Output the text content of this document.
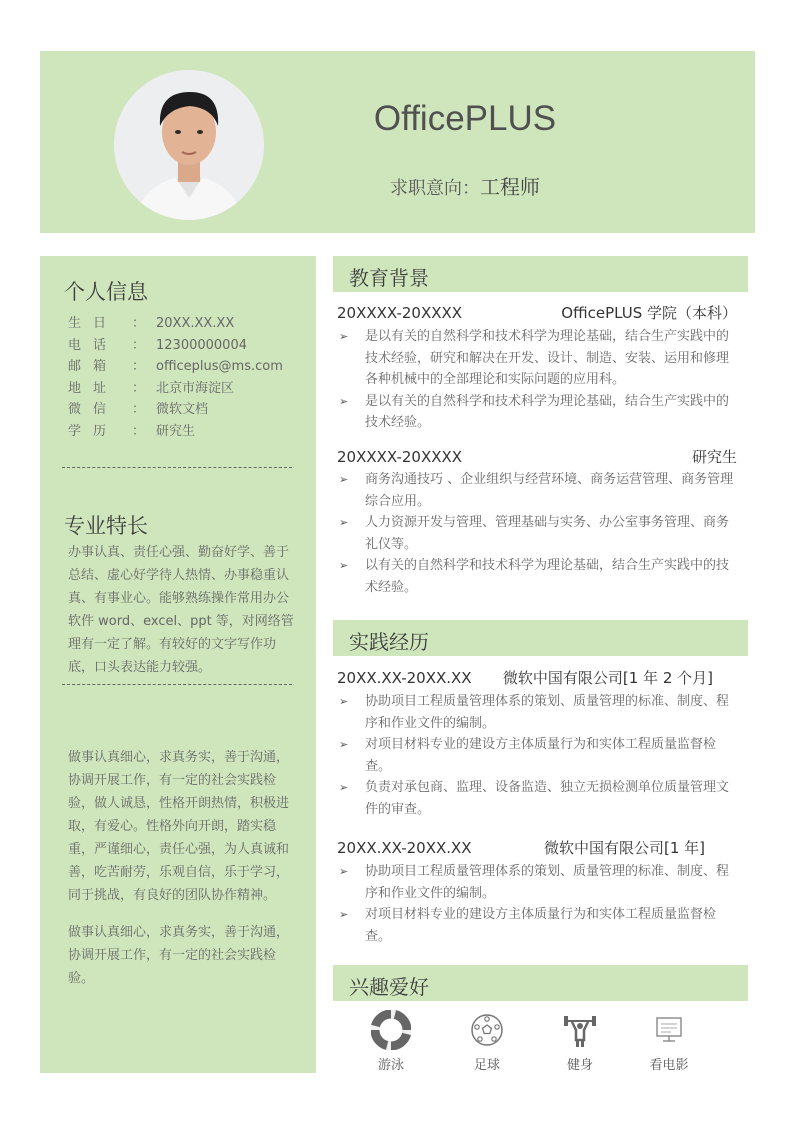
OfficePLUS
求职意向：工程师
个人信息
生日 ： 20XX.XX.XX
电话 ： 12300000004
邮箱 ： officeplus@ms.com
地址 ： 北京市海淀区
微信 ： 微软文档
学历 ： 研究生
专业特长
办事认真、责任心强、勤奋好学、善于总结、虚心好学待人热情、办事稳重认真、有事业心。能够熟练操作常用办公软件 word、excel、ppt 等，对网络管理有一定了解。有较好的文字写作功底，口头表达能力较强。
做事认真细心，求真务实，善于沟通，协调开展工作，有一定的社会实践检验，做人诚恳，性格开朗热情，积极进取，有爱心。性格外向开朗，踏实稳重，严谨细心，责任心强，为人真诚和善，吃苦耐劳，乐观自信，乐于学习，同于挑战，有良好的团队协作精神。
做事认真细心，求真务实，善于沟通，协调开展工作，有一定的社会实践检验。
教育背景
20XXXX-20XXXX	OfficePLUS 学院（本科）
➢ 是以有关的自然科学和技术科学为理论基础，结合生产实践中的技术经验，研究和解决在开发、设计、制造、安装、运用和修理各种机械中的全部理论和实际问题的应用科。
➢ 是以有关的自然科学和技术科学为理论基础，结合生产实践中的技术经验。
20XXXX-20XXXX	研究生
➢ 商务沟通技巧 、企业组织与经营环境、商务运营管理、商务管理综合应用。
➢ 人力资源开发与管理、管理基础与实务、办公室事务管理、商务礼仪等。
➢ 以有关的自然科学和技术科学为理论基础，结合生产实践中的技术经验。
实践经历
20XX.XX-20XX.XX 微软中国有限公司[1 年 2 个月]
➢ 协助项目工程质量管理体系的策划、质量管理的标准、制度、程序和作业文件的编制。
➢ 对项目材料专业的建设方主体质量行为和实体工程质量监督检查。
➢ 负责对承包商、监理、设备监造、独立无损检测单位质量管理文件的审查。
20XX.XX-20XX.XX	微软中国有限公司[1 年]
➢ 协助项目工程质量管理体系的策划、质量管理的标准、制度、程序和作业文件的编制。
➢ 对项目材料专业的建设方主体质量行为和实体工程质量监督检查。
兴趣爱好
游泳	足球	健身	看电影
